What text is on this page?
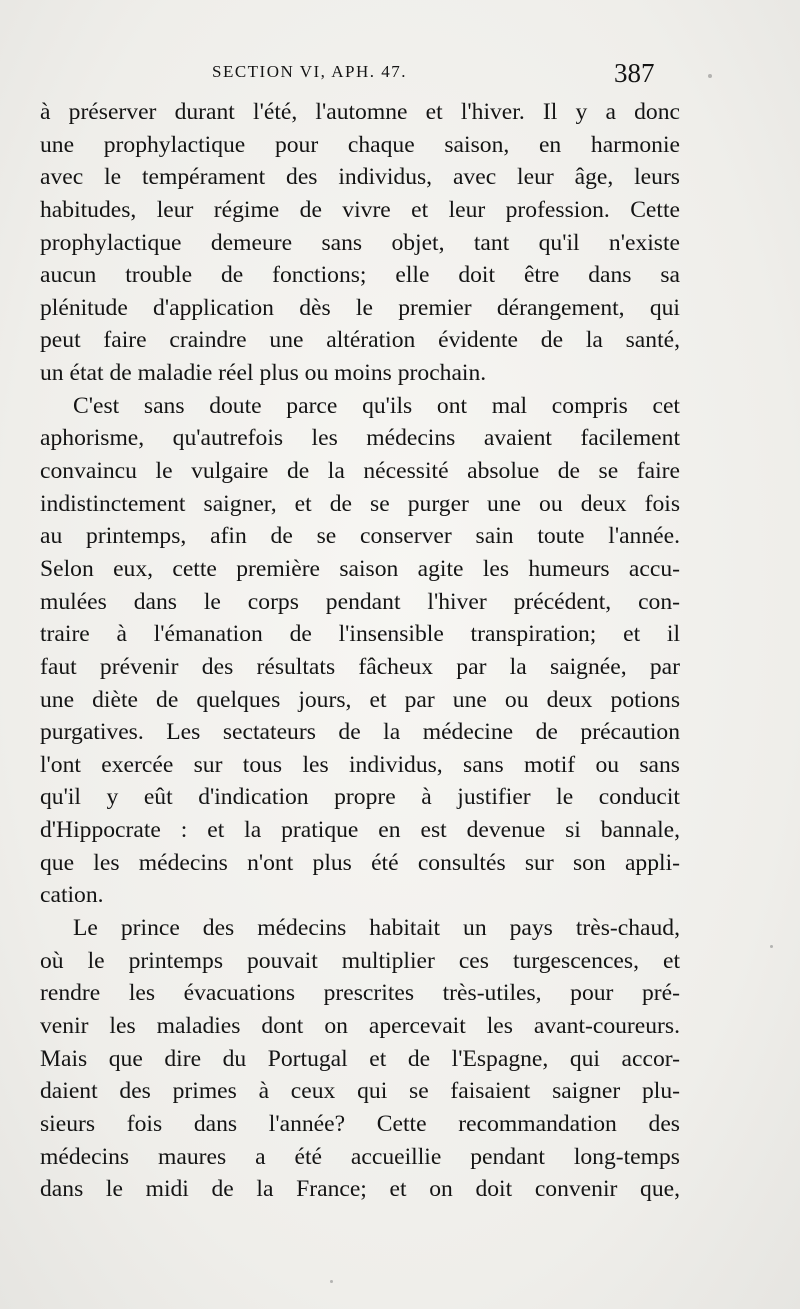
SECTION VI, APH. 47.	387
à préserver durant l'été, l'automne et l'hiver. Il y a donc
une prophylactique pour chaque saison, en harmonie
avec le tempérament des individus, avec leur âge, leurs
habitudes, leur régime de vivre et leur profession. Cette
prophylactique demeure sans objet, tant qu'il n'existe
aucun trouble de fonctions; elle doit être dans sa
plénitude d'application dès le premier dérangement, qui
peut faire craindre une altération évidente de la santé,
un état de maladie réel plus ou moins prochain.
C'est sans doute parce qu'ils ont mal compris cet
aphorisme, qu'autrefois les médecins avaient facilement
convaincu le vulgaire de la nécessité absolue de se faire
indistinctement saigner, et de se purger une ou deux fois
au printemps, afin de se conserver sain toute l'année.
Selon eux, cette première saison agite les humeurs accu-
mulées dans le corps pendant l'hiver précédent, con-
traire à l'émanation de l'insensible transpiration; et il
faut prévenir des résultats fâcheux par la saignée, par
une diète de quelques jours, et par une ou deux potions
purgatives. Les sectateurs de la médecine de précaution
l'ont exercée sur tous les individus, sans motif ou sans
qu'il y eût d'indication propre à justifier le conducit
d'Hippocrate : et la pratique en est devenue si bannale,
que les médecins n'ont plus été consultés sur son appli-
cation.
Le prince des médecins habitait un pays très-chaud,
où le printemps pouvait multiplier ces turgescences, et
rendre les évacuations prescrites très-utiles, pour pré-
venir les maladies dont on apercevait les avant-coureurs.
Mais que dire du Portugal et de l'Espagne, qui accor-
daient des primes à ceux qui se faisaient saigner plu-
sieurs fois dans l'année? Cette recommandation des
médecins maures a été accueillie pendant long-temps
dans le midi de la France; et on doit convenir que,
